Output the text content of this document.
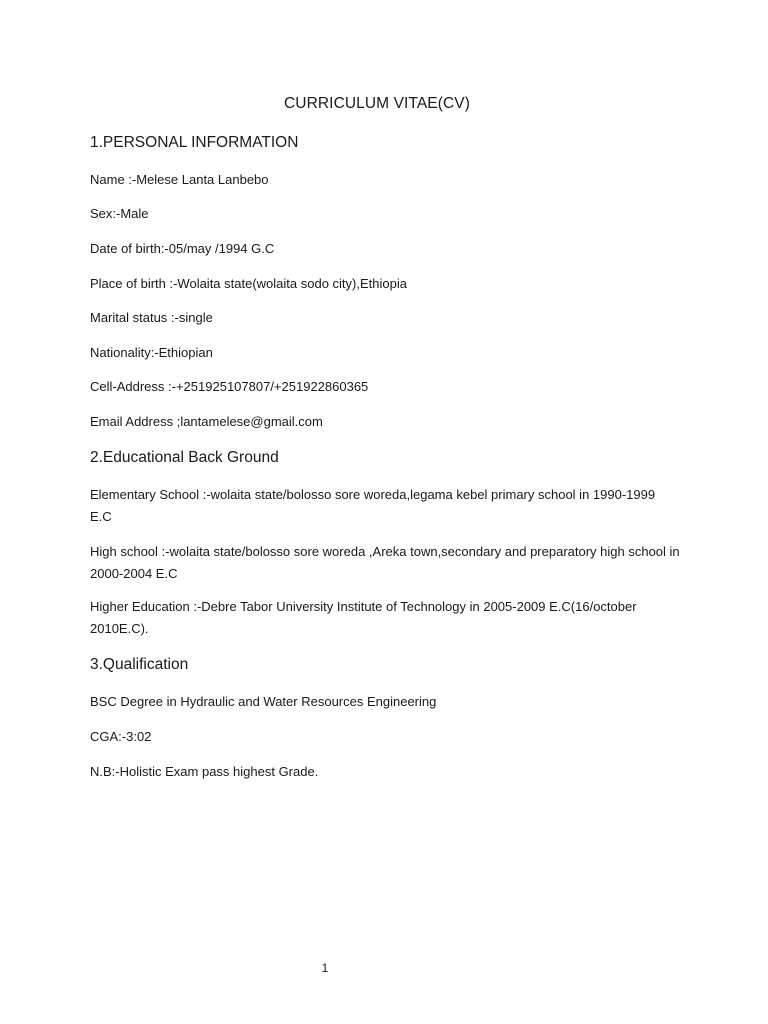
CURRICULUM VITAE(CV)
1.PERSONAL INFORMATION
Name :-Melese Lanta Lanbebo
Sex:-Male
Date of birth:-05/may /1994 G.C
Place of birth :-Wolaita state(wolaita sodo city),Ethiopia
Marital status :-single
Nationality:-Ethiopian
Cell-Address :-+251925107807/+251922860365
Email Address ;lantamelese@gmail.com
2.Educational Back Ground
Elementary School :-wolaita state/bolosso sore woreda,legama kebel primary school in 1990-1999 E.C
High school :-wolaita state/bolosso sore woreda ,Areka town,secondary and preparatory high school in 2000-2004 E.C
Higher Education :-Debre Tabor University Institute of Technology in 2005-2009 E.C(16/october 2010E.C).
3.Qualification
BSC Degree in Hydraulic and Water Resources Engineering
CGA:-3:02
N.B:-Holistic Exam pass highest Grade.
1
